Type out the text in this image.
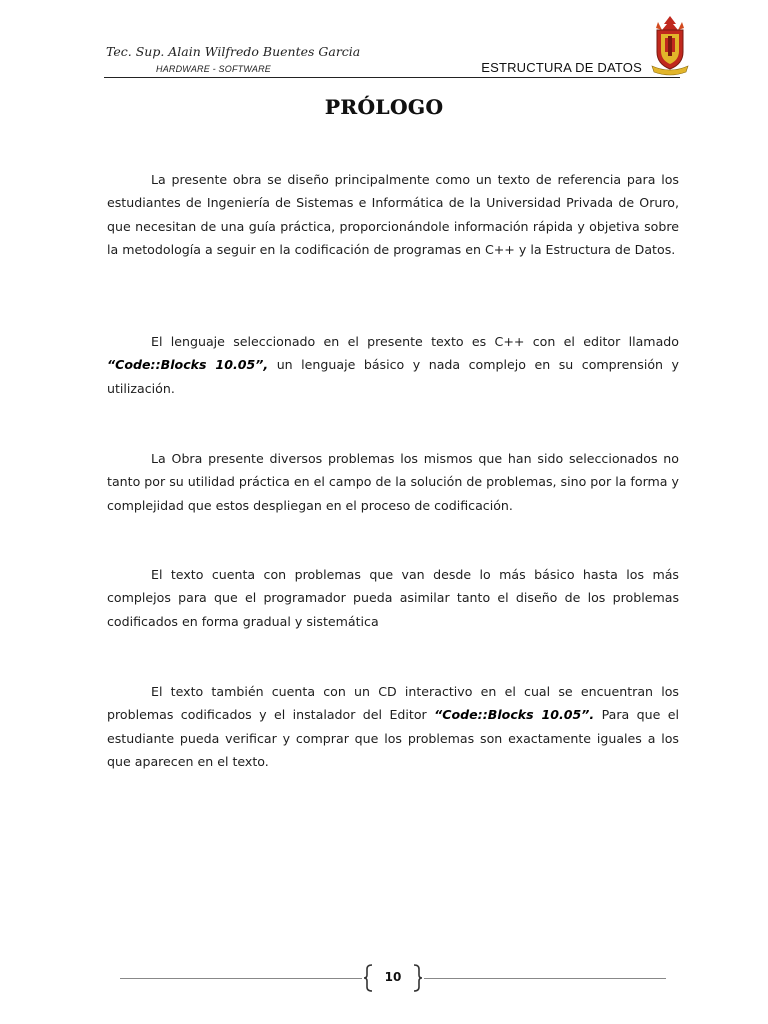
Tec. Sup. Alain Wilfredo Buentes Garcia
HARDWARE - SOFTWARE	ESTRUCTURA DE DATOS
PRÓLOGO

La presente obra se diseño principalmente como un texto de referencia para los estudiantes de Ingeniería de Sistemas e Informática de la Universidad Privada de Oruro, que necesitan de una guía práctica, proporcionándole información rápida y objetiva sobre la metodología a seguir en la codificación de programas en C++ y la Estructura de Datos.

El lenguaje seleccionado en el presente texto es C++ con el editor llamado “Code::Blocks 10.05”, un lenguaje básico y nada complejo en su comprensión y utilización.

La Obra presente diversos problemas los mismos que han sido seleccionados no tanto por su utilidad práctica en el campo de la solución de problemas, sino por la forma y complejidad que estos despliegan en el proceso de codificación.

El texto cuenta con problemas que van desde lo más básico hasta los más complejos para que el programador pueda asimilar tanto el diseño de los problemas codificados en forma gradual y sistemática

El texto también cuenta con un CD interactivo en el cual se encuentran los problemas codificados y el instalador del Editor “Code::Blocks 10.05”. Para que el estudiante pueda verificar y comprar que los problemas son exactamente iguales a los que aparecen en el texto.

10
